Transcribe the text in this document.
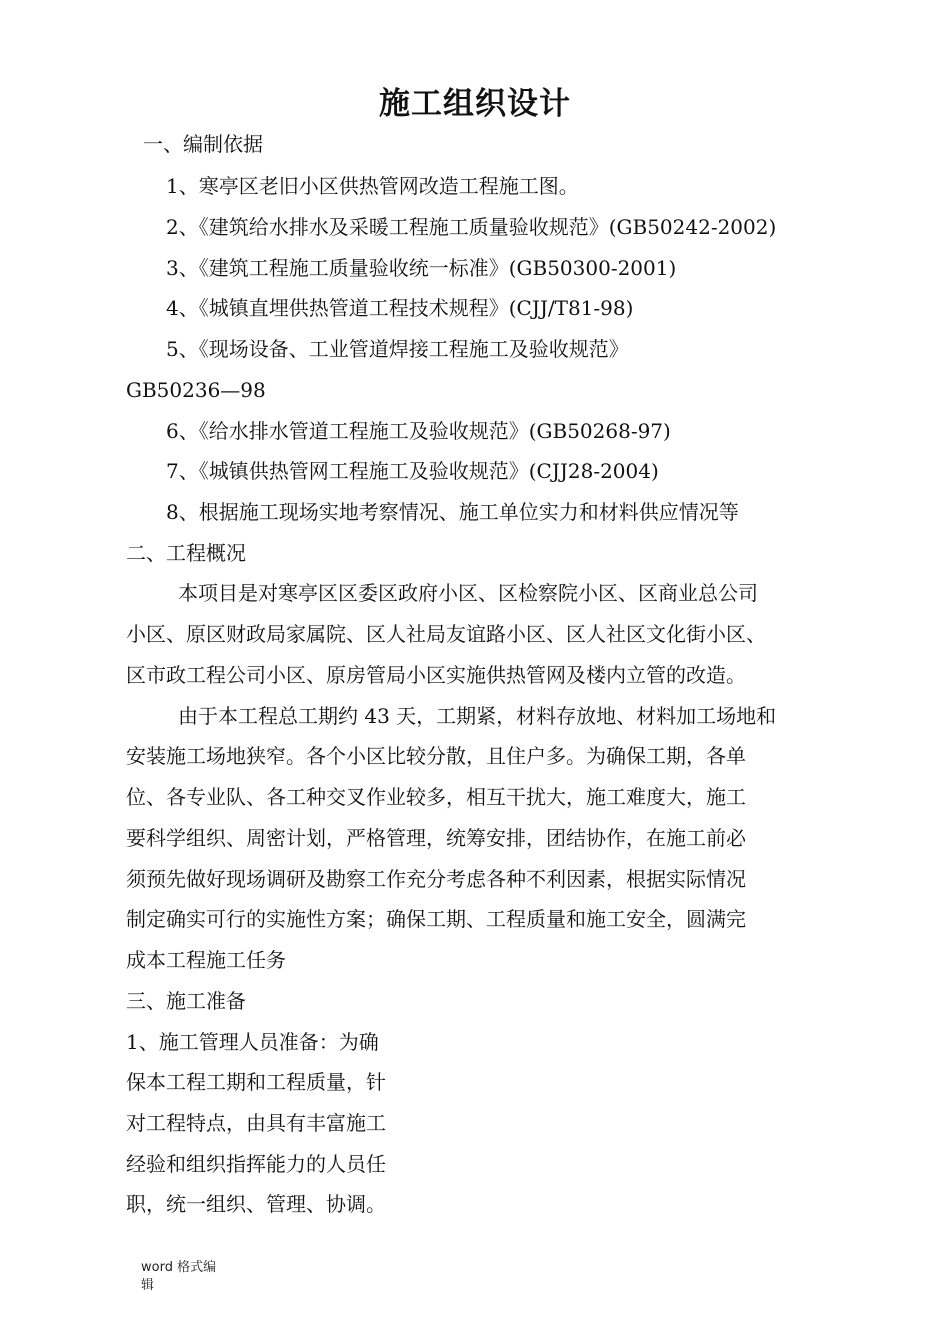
施工组织设计
一、编制依据
1、寒亭区老旧小区供热管网改造工程施工图。
2、《建筑给水排水及采暖工程施工质量验收规范》(GB50242-2002)
3、《建筑工程施工质量验收统一标准》(GB50300-2001)
4、《城镇直埋供热管道工程技术规程》(CJJ/T81-98)
5、《现场设备、工业管道焊接工程施工及验收规范》
GB50236—98
6、《给水排水管道工程施工及验收规范》(GB50268-97)
7、《城镇供热管网工程施工及验收规范》(CJJ28-2004)
8、根据施工现场实地考察情况、施工单位实力和材料供应情况等
二、工程概况
本项目是对寒亭区区委区政府小区、区检察院小区、区商业总公司
小区、原区财政局家属院、区人社局友谊路小区、区人社区文化街小区、
区市政工程公司小区、原房管局小区实施供热管网及楼内立管的改造。
由于本工程总工期约 43 天，工期紧，材料存放地、材料加工场地和
安装施工场地狭窄。各个小区比较分散，且住户多。为确保工期，各单
位、各专业队、各工种交叉作业较多，相互干扰大，施工难度大，施工
要科学组织、周密计划，严格管理，统筹安排，团结协作，在施工前必
须预先做好现场调研及勘察工作充分考虑各种不利因素，根据实际情况
制定确实可行的实施性方案；确保工期、工程质量和施工安全，圆满完
成本工程施工任务
三、施工准备
1、施工管理人员准备：为确
保本工程工期和工程质量，针
对工程特点，由具有丰富施工
经验和组织指挥能力的人员任
职，统一组织、管理、协调。
word 格式编
辑
